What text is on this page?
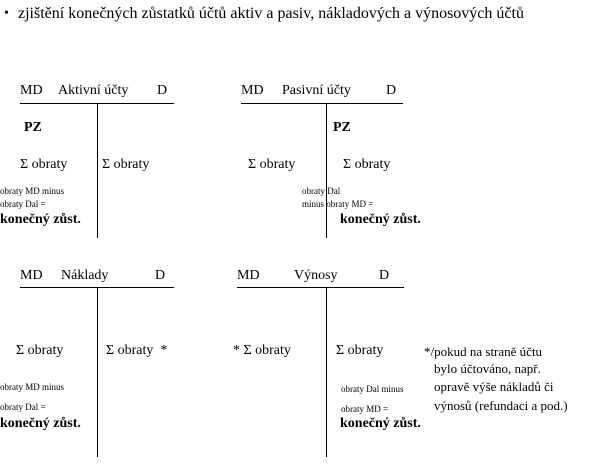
• zjištění konečných zůstatků účtů aktiv a pasiv, nákladových a výnosových účtů
MD Aktivní účty D
PZ
Σ obraty Σ obraty
obraty MD minus
obraty Dal =
konečný zůst.
MD Pasivní účty	D
PZ
Σ obraty	Σ obraty
obraty Dal
minus obraty MD =
konečný zůst.
MD Náklady	D
Σ obraty	Σ obraty  *
obraty MD minus
obraty Dal =
konečný zůst.
MD Výnosy	D
* Σ obraty	Σ obraty
obraty Dal minus
obraty MD =
konečný zůst.
*/pokud na straně účtu
bylo účtováno, např.
opravě výše nákladů či
výnosů (refundaci a pod.)
